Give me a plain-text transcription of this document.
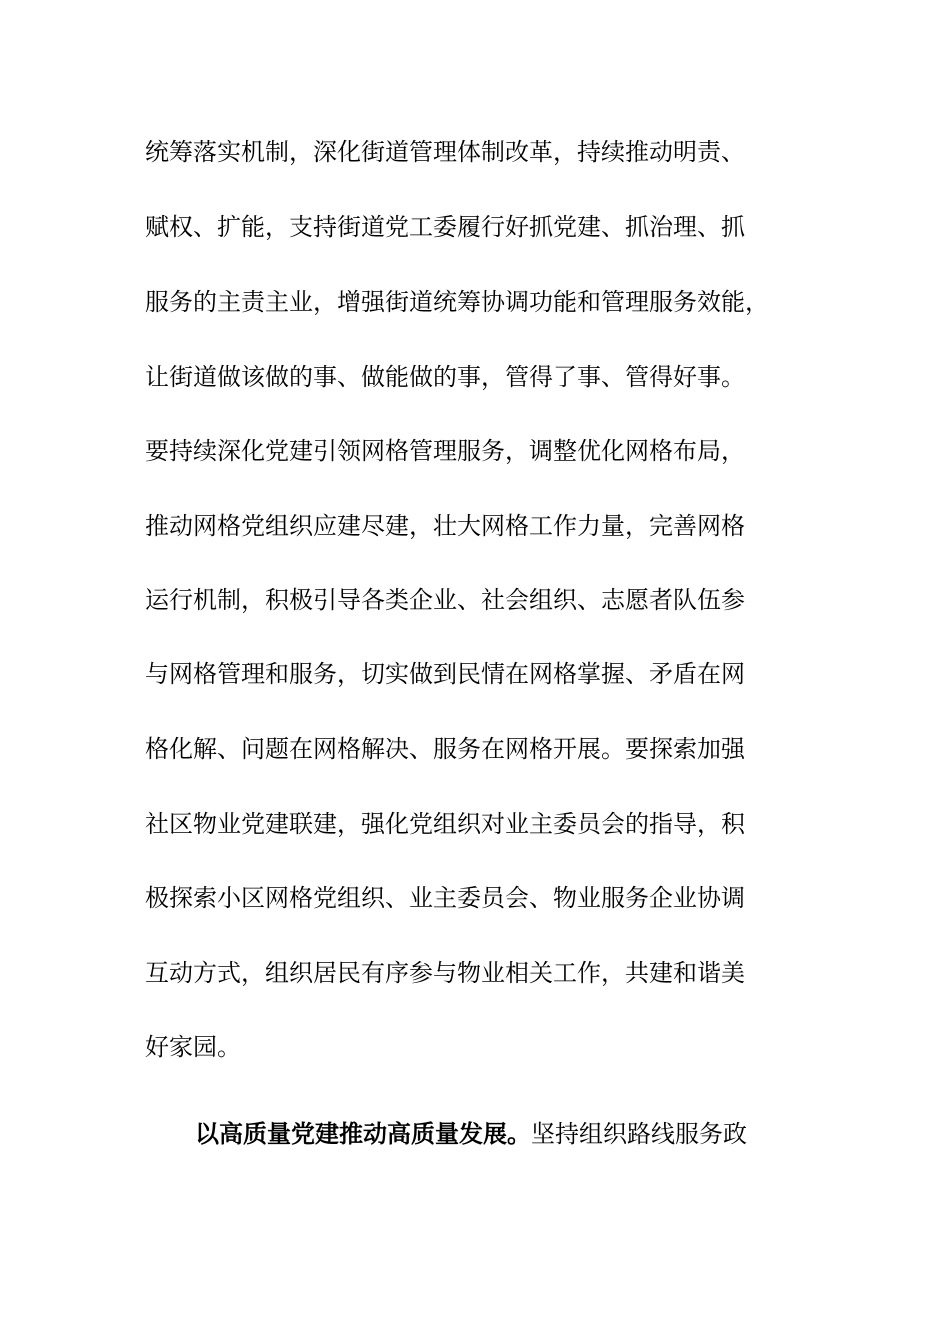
统筹落实机制，深化街道管理体制改革，持续推动明责、
赋权、扩能，支持街道党工委履行好抓党建、抓治理、抓
服务的主责主业，增强街道统筹协调功能和管理服务效能，
让街道做该做的事、做能做的事，管得了事、管得好事。
要持续深化党建引领网格管理服务，调整优化网格布局，
推动网格党组织应建尽建，壮大网格工作力量，完善网格
运行机制，积极引导各类企业、社会组织、志愿者队伍参
与网格管理和服务，切实做到民情在网格掌握、矛盾在网
格化解、问题在网格解决、服务在网格开展。要探索加强
社区物业党建联建，强化党组织对业主委员会的指导，积
极探索小区网格党组织、业主委员会、物业服务企业协调
互动方式，组织居民有序参与物业相关工作，共建和谐美
好家园。
以高质量党建推动高质量发展。坚持组织路线服务政
